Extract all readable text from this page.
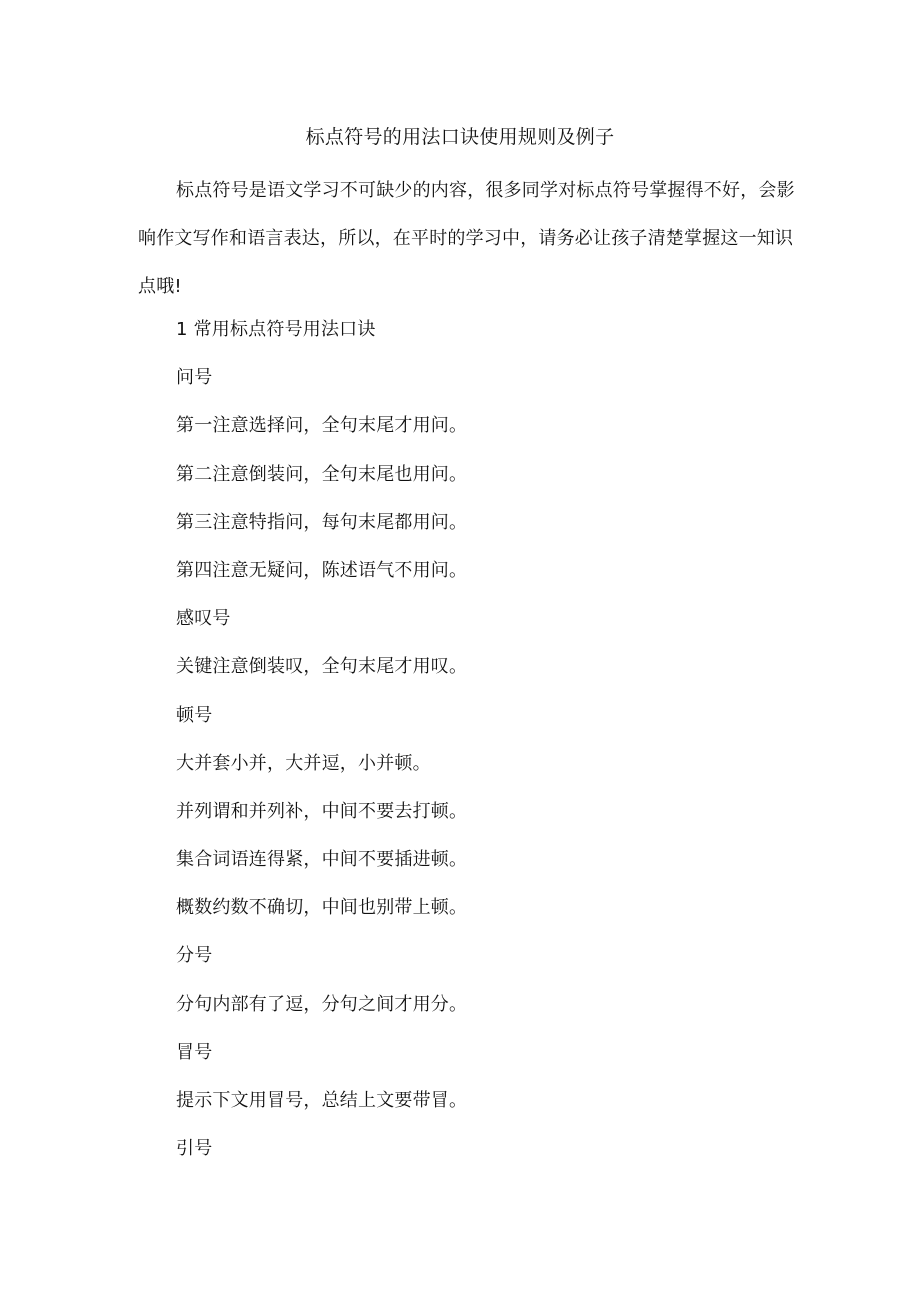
标点符号的用法口诀使用规则及例子

标点符号是语文学习不可缺少的内容，很多同学对标点符号掌握得不好，会影响作文写作和语言表达，所以，在平时的学习中，请务必让孩子清楚掌握这一知识点哦!

1 常用标点符号用法口诀
问号
第一注意选择问，全句末尾才用问。
第二注意倒装问，全句末尾也用问。
第三注意特指问，每句末尾都用问。
第四注意无疑问，陈述语气不用问。
感叹号
关键注意倒装叹，全句末尾才用叹。
顿号
大并套小并，大并逗，小并顿。
并列谓和并列补，中间不要去打顿。
集合词语连得紧，中间不要插进顿。
概数约数不确切，中间也别带上顿。
分号
分句内部有了逗，分句之间才用分。
冒号
提示下文用冒号，总结上文要带冒。
引号
